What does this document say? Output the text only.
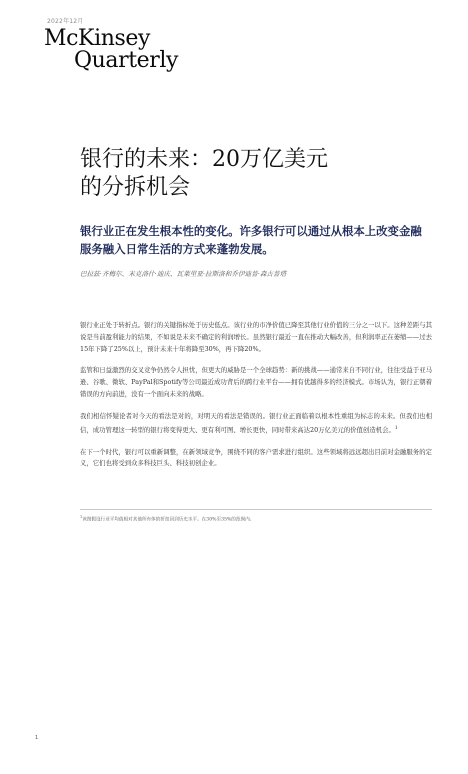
2022年12月
McKinsey
Quarterly
银行的未来：20万亿美元
的分拆机会
银行业正在发生根本性的变化。许多银行可以通过从根本上改变金融服务融入日常生活的方式来蓬勃发展。
巴拉兹·齐梅尔、米克洛什·迪庆、瓦莱里亚·拉斯洛和乔伊迪普·森古普塔

银行业正处于转折点。银行的关键指标处于历史低点。该行业的市净价值已降至其他行业价值的三分之一以下。这种差距与其说是当前盈利能力的结果，不如说是未来不确定的利润增长。虽然银行最近一直在推动大幅改善，但利润率正在萎缩——过去15年下降了25%以上，预计未来十年将降至30%，再下降20%。

监管和日益激烈的交叉竞争仍然令人担忧，但更大的威胁是一个全球趋势：新的挑战——通常来自不同行业，往往受益于亚马逊、谷歌、微软、PayPal和Spotify等公司最近成功背后的跨行业平台——拥有优越得多的经济模式。市场认为，银行正朝着错误的方向前进，没有一个面向未来的战略。

我们相信怀疑论者对今天的看法是对的，对明天的看法是错误的。银行业正面临着以根本性重组为标志的未来。但我们也相信，成功管理这一转型的银行将变得更大、更有利可图、增长更快，同时带来高达20万亿美元的价值创造机会。$^1$

在下一个时代，银行可以重新调整，在新领域竞争，围绕不同的客户需求进行组织。这些领域将远远超出目前对金融服务的定义，它们也将受到众多科技巨头、科技初创企业。

$^1$该图假设行业平均值相对其他所有体的折扣回到历史水平。在30%至35%的范围内。
1
